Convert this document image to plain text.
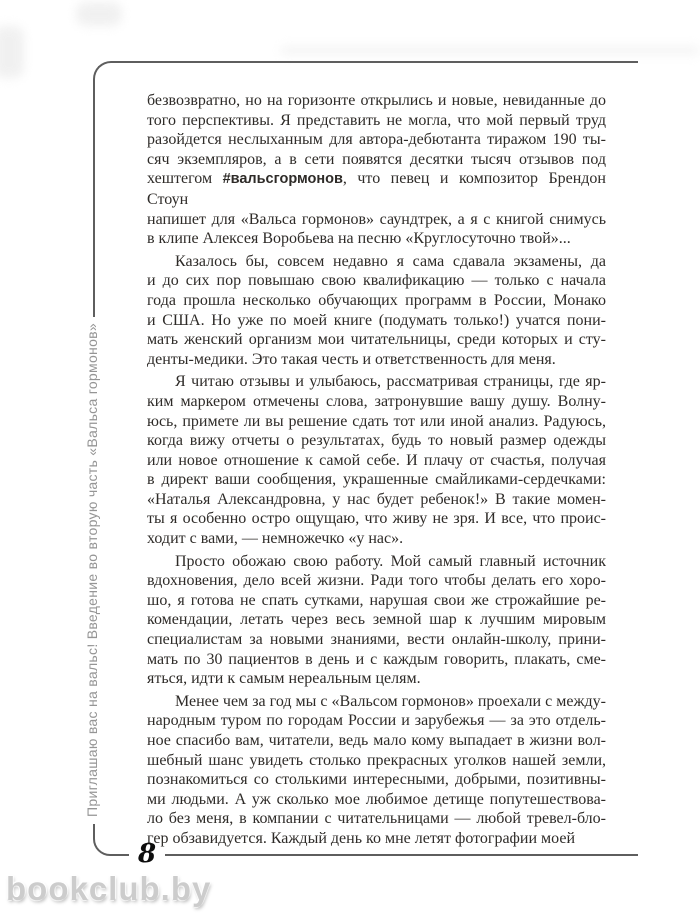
Приглашаю вас на вальс! Введение во вторую часть «Вальса гормонов»
безвозвратно, но на горизонте открылись и новые, невиданные до
того перспективы. Я представить не могла, что мой первый труд
разойдется неслыханным для автора-дебютанта тиражом 190 ты-
сяч экземпляров, а в сети появятся десятки тысяч отзывов под
хештегом #вальсгормонов, что певец и композитор Брендон Стоун
напишет для «Вальса гормонов» саундтрек, а я с книгой снимусь
в клипе Алексея Воробьева на песню «Круглосуточно твой»...
Казалось бы, совсем недавно я сама сдавала экзамены, да
и до сих пор повышаю свою квалификацию — только с начала
года прошла несколько обучающих программ в России, Монако
и США. Но уже по моей книге (подумать только!) учатся пони-
мать женский организм мои читательницы, среди которых и сту-
денты-медики. Это такая честь и ответственность для меня.
Я читаю отзывы и улыбаюсь, рассматривая страницы, где яр-
ким маркером отмечены слова, затронувшие вашу душу. Волну-
юсь, примете ли вы решение сдать тот или иной анализ. Радуюсь,
когда вижу отчеты о результатах, будь то новый размер одежды
или новое отношение к самой себе. И плачу от счастья, получая
в директ ваши сообщения, украшенные смайликами-сердечками:
«Наталья Александровна, у нас будет ребенок!» В такие момен-
ты я особенно остро ощущаю, что живу не зря. И все, что проис-
ходит с вами, — немножечко «у нас».
Просто обожаю свою работу. Мой самый главный источник
вдохновения, дело всей жизни. Ради того чтобы делать его хоро-
шо, я готова не спать сутками, нарушая свои же строжайшие ре-
комендации, летать через весь земной шар к лучшим мировым
специалистам за новыми знаниями, вести онлайн-школу, прини-
мать по 30 пациентов в день и с каждым говорить, плакать, сме-
яться, идти к самым нереальным целям.
Менее чем за год мы с «Вальсом гормонов» проехали с между-
народным туром по городам России и зарубежья — за это отдель-
ное спасибо вам, читатели, ведь мало кому выпадает в жизни вол-
шебный шанс увидеть столько прекрасных уголков нашей земли,
познакомиться со столькими интересными, добрыми, позитивны-
ми людьми. А уж сколько мое любимое детище попутешествова-
ло без меня, в компании с читательницами — любой тревел-бло-
гер обзавидуется. Каждый день ко мне летят фотографии моей
8
bookclub.by
